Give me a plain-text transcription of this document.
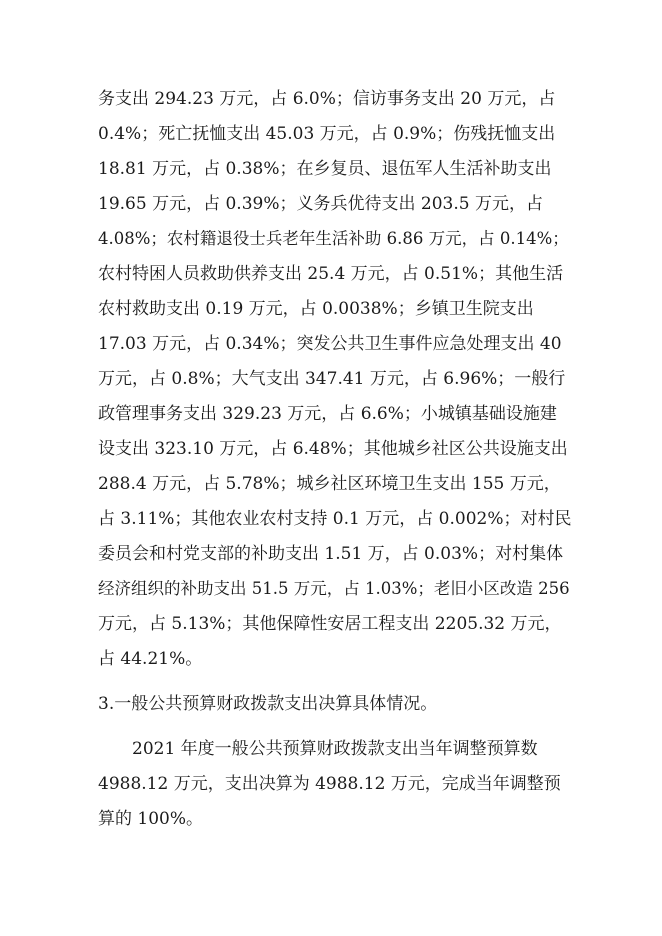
务支出 294.23 万元，占 6.0%；信访事务支出 20 万元，占
0.4%；死亡抚恤支出 45.03 万元，占 0.9%；伤残抚恤支出
18.81 万元，占 0.38%；在乡复员、退伍军人生活补助支出
19.65 万元，占 0.39%；义务兵优待支出 203.5 万元，占
4.08%；农村籍退役士兵老年生活补助 6.86 万元，占 0.14%；
农村特困人员救助供养支出 25.4 万元，占 0.51%；其他生活
农村救助支出 0.19 万元，占 0.0038%；乡镇卫生院支出
17.03 万元，占 0.34%；突发公共卫生事件应急处理支出 40
万元，占 0.8%；大气支出 347.41 万元，占 6.96%；一般行
政管理事务支出 329.23 万元，占 6.6%；小城镇基础设施建
设支出 323.10 万元，占 6.48%；其他城乡社区公共设施支出
288.4 万元，占 5.78%；城乡社区环境卫生支出 155 万元，
占 3.11%；其他农业农村支持 0.1 万元，占 0.002%；对村民
委员会和村党支部的补助支出 1.51 万，占 0.03%；对村集体
经济组织的补助支出 51.5 万元，占 1.03%；老旧小区改造 256
万元，占 5.13%；其他保障性安居工程支出 2205.32 万元，
占 44.21%。
3.一般公共预算财政拨款支出决算具体情况。
2021 年度一般公共预算财政拨款支出当年调整预算数
4988.12 万元，支出决算为 4988.12 万元，完成当年调整预
算的 100%。
